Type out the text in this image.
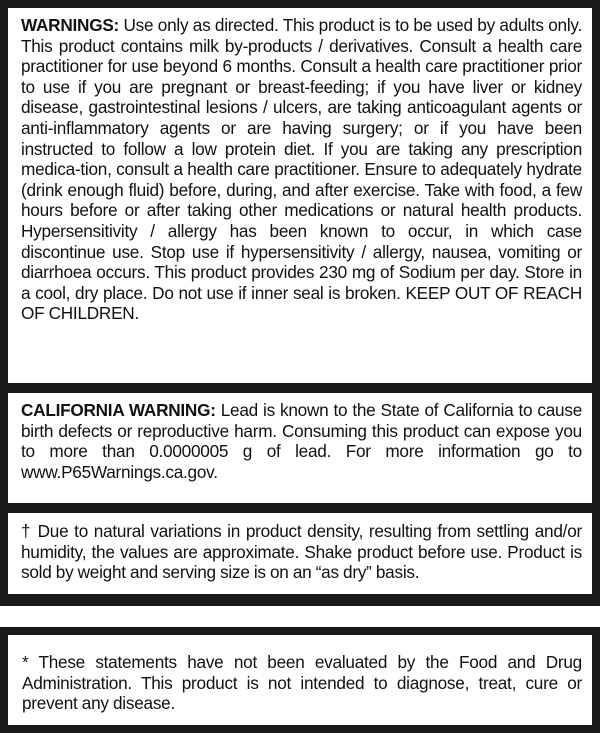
WARNINGS: Use only as directed. This product is to be used by adults only. This product contains milk by-products / derivatives. Consult a health care practitioner for use beyond 6 months. Consult a health care practitioner prior to use if you are pregnant or breast-feeding; if you have liver or kidney disease, gastrointestinal lesions / ulcers, are taking anticoagulant agents or anti-inflammatory agents or are having surgery; or if you have been instructed to follow a low protein diet. If you are taking any prescription medica-tion, consult a health care practitioner. Ensure to adequately hydrate (drink enough fluid) before, during, and after exercise. Take with food, a few hours before or after taking other medications or natural health products. Hypersensitivity / allergy has been known to occur, in which case discontinue use. Stop use if hypersensitivity / allergy, nausea, vomiting or diarrhoea occurs. This product provides 230 mg of Sodium per day. Store in a cool, dry place. Do not use if inner seal is broken. KEEP OUT OF REACH OF CHILDREN.

CALIFORNIA WARNING: Lead is known to the State of California to cause birth defects or reproductive harm. Consuming this product can expose you to more than 0.0000005 g of lead. For more information go to www.P65Warnings.ca.gov.

† Due to natural variations in product density, resulting from settling and/or humidity, the values are approximate. Shake product before use. Product is sold by weight and serving size is on an “as dry” basis.

* These statements have not been evaluated by the Food and Drug Administration. This product is not intended to diagnose, treat, cure or prevent any disease.
